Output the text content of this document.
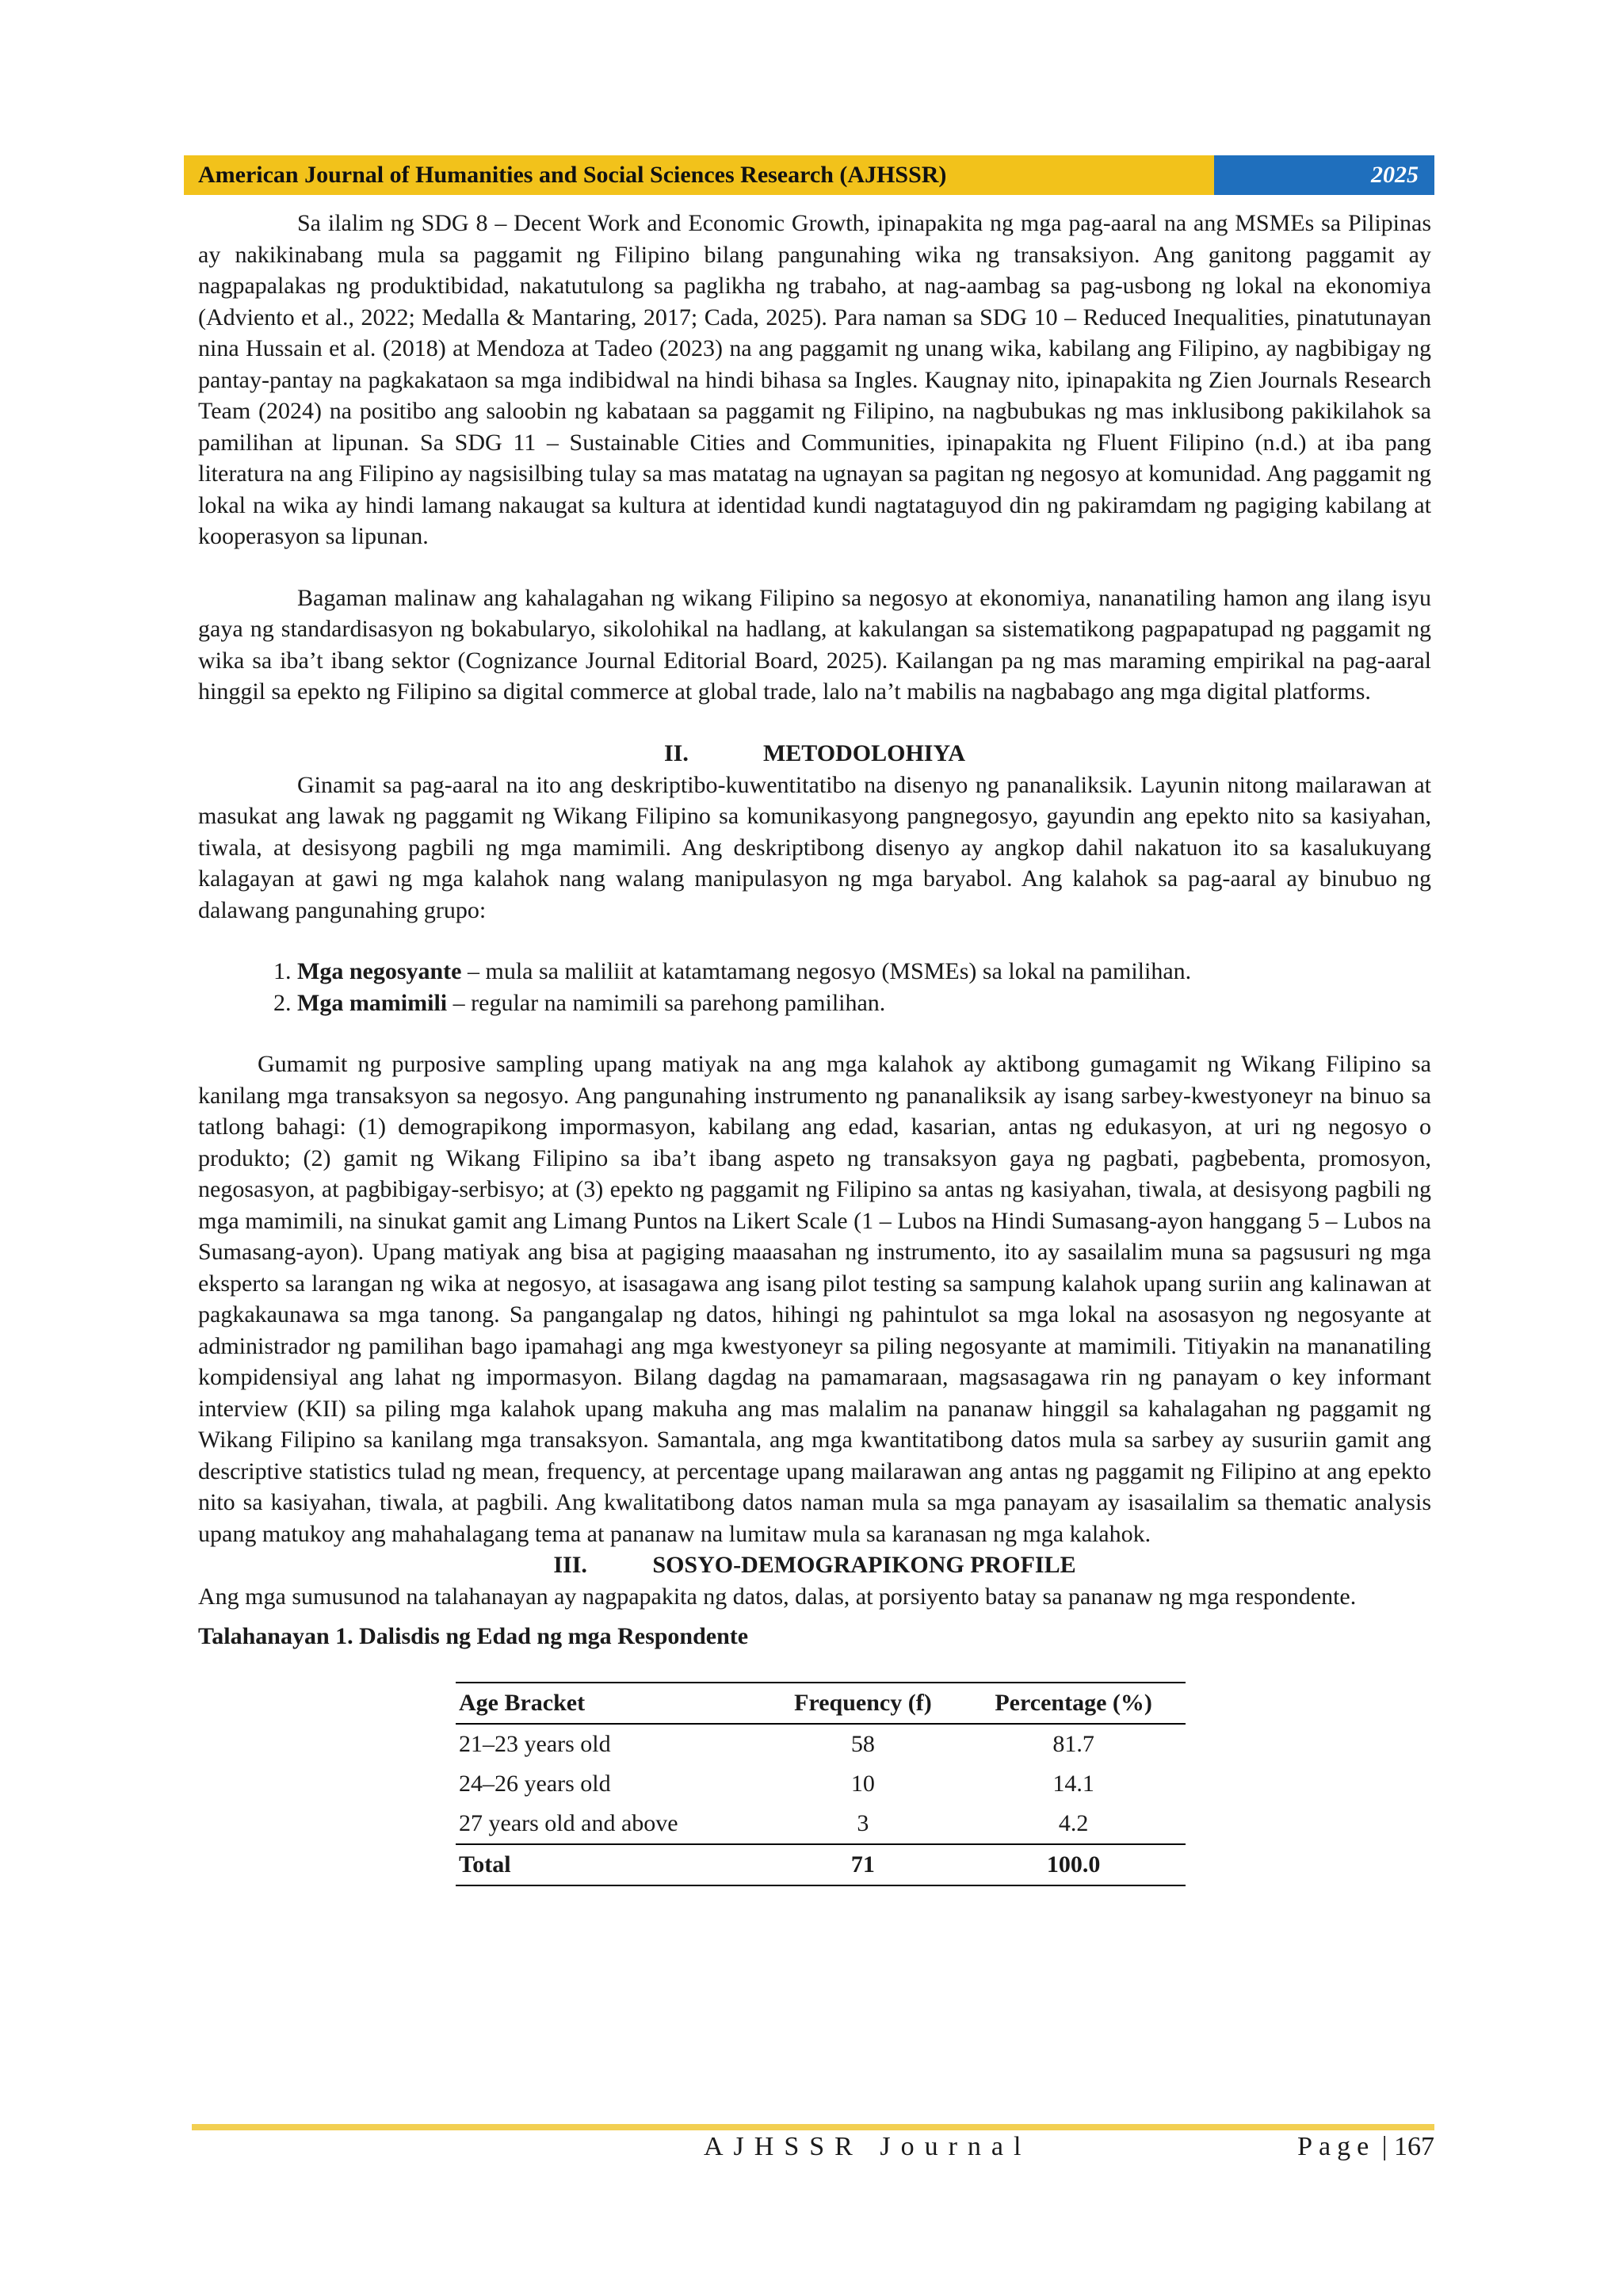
American Journal of Humanities and Social Sciences Research (AJHSSR)	2025

Sa ilalim ng SDG 8 – Decent Work and Economic Growth, ipinapakita ng mga pag-aaral na ang MSMEs sa Pilipinas ay nakikinabang mula sa paggamit ng Filipino bilang pangunahing wika ng transaksiyon. Ang ganitong paggamit ay nagpapalakas ng produktibidad, nakatutulong sa paglikha ng trabaho, at nag-aambag sa pag-usbong ng lokal na ekonomiya (Adviento et al., 2022; Medalla & Mantaring, 2017; Cada, 2025). Para naman sa SDG 10 – Reduced Inequalities, pinatutunayan nina Hussain et al. (2018) at Mendoza at Tadeo (2023) na ang paggamit ng unang wika, kabilang ang Filipino, ay nagbibigay ng pantay-pantay na pagkakataon sa mga indibidwal na hindi bihasa sa Ingles. Kaugnay nito, ipinapakita ng Zien Journals Research Team (2024) na positibo ang saloobin ng kabataan sa paggamit ng Filipino, na nagbubukas ng mas inklusibong pakikilahok sa pamilihan at lipunan. Sa SDG 11 – Sustainable Cities and Communities, ipinapakita ng Fluent Filipino (n.d.) at iba pang literatura na ang Filipino ay nagsisilbing tulay sa mas matatag na ugnayan sa pagitan ng negosyo at komunidad. Ang paggamit ng lokal na wika ay hindi lamang nakaugat sa kultura at identidad kundi nagtataguyod din ng pakiramdam ng pagiging kabilang at kooperasyon sa lipunan.

Bagaman malinaw ang kahalagahan ng wikang Filipino sa negosyo at ekonomiya, nananatiling hamon ang ilang isyu gaya ng standardisasyon ng bokabularyo, sikolohikal na hadlang, at kakulangan sa sistematikong pagpapatupad ng paggamit ng wika sa iba’t ibang sektor (Cognizance Journal Editorial Board, 2025). Kailangan pa ng mas maraming empirikal na pag-aaral hinggil sa epekto ng Filipino sa digital commerce at global trade, lalo na’t mabilis na nagbabago ang mga digital platforms.

II.	METODOLOHIYA

Ginamit sa pag-aaral na ito ang deskriptibo-kuwentitatibo na disenyo ng pananaliksik. Layunin nitong mailarawan at masukat ang lawak ng paggamit ng Wikang Filipino sa komunikasyong pangnegosyo, gayundin ang epekto nito sa kasiyahan, tiwala, at desisyong pagbili ng mga mamimili. Ang deskriptibong disenyo ay angkop dahil nakatuon ito sa kasalukuyang kalagayan at gawi ng mga kalahok nang walang manipulasyon ng mga baryabol. Ang kalahok sa pag-aaral ay binubuo ng dalawang pangunahing grupo:

1. Mga negosyante – mula sa maliliit at katamtamang negosyo (MSMEs) sa lokal na pamilihan.
2. Mga mamimili – regular na namimili sa parehong pamilihan.

Gumamit ng purposive sampling upang matiyak na ang mga kalahok ay aktibong gumagamit ng Wikang Filipino sa kanilang mga transaksyon sa negosyo. Ang pangunahing instrumento ng pananaliksik ay isang sarbey-kwestyoneyr na binuo sa tatlong bahagi: (1) demograpikong impormasyon, kabilang ang edad, kasarian, antas ng edukasyon, at uri ng negosyo o produkto; (2) gamit ng Wikang Filipino sa iba’t ibang aspeto ng transaksyon gaya ng pagbati, pagbebenta, promosyon, negosasyon, at pagbibigay-serbisyo; at (3) epekto ng paggamit ng Filipino sa antas ng kasiyahan, tiwala, at desisyong pagbili ng mga mamimili, na sinukat gamit ang Limang Puntos na Likert Scale (1 – Lubos na Hindi Sumasang-ayon hanggang 5 – Lubos na Sumasang-ayon). Upang matiyak ang bisa at pagiging maaasahan ng instrumento, ito ay sasailalim muna sa pagsusuri ng mga eksperto sa larangan ng wika at negosyo, at isasagawa ang isang pilot testing sa sampung kalahok upang suriin ang kalinawan at pagkakaunawa sa mga tanong. Sa pangangalap ng datos, hihingi ng pahintulot sa mga lokal na asosasyon ng negosyante at administrador ng pamilihan bago ipamahagi ang mga kwestyoneyr sa piling negosyante at mamimili. Titiyakin na mananatiling kompidensiyal ang lahat ng impormasyon. Bilang dagdag na pamamaraan, magsasagawa rin ng panayam o key informant interview (KII) sa piling mga kalahok upang makuha ang mas malalim na pananaw hinggil sa kahalagahan ng paggamit ng Wikang Filipino sa kanilang mga transaksyon. Samantala, ang mga kwantitatibong datos mula sa sarbey ay susuriin gamit ang descriptive statistics tulad ng mean, frequency, at percentage upang mailarawan ang antas ng paggamit ng Filipino at ang epekto nito sa kasiyahan, tiwala, at pagbili. Ang kwalitatibong datos naman mula sa mga panayam ay isasailalim sa thematic analysis upang matukoy ang mahahalagang tema at pananaw na lumitaw mula sa karanasan ng mga kalahok.

III.	SOSYO-DEMOGRAPIKONG PROFILE

Ang mga sumusunod na talahanayan ay nagpapakita ng datos, dalas, at porsiyento batay sa pananaw ng mga respondente.

Talahanayan 1. Dalisdis ng Edad ng mga Respondente

Age Bracket	Frequency (f)	Percentage (%)
21–23 years old	58	81.7
24–26 years old	10	14.1
27 years old and above	3	4.2
Total	71	100.0
AJHSSR Journal	Page | 167
